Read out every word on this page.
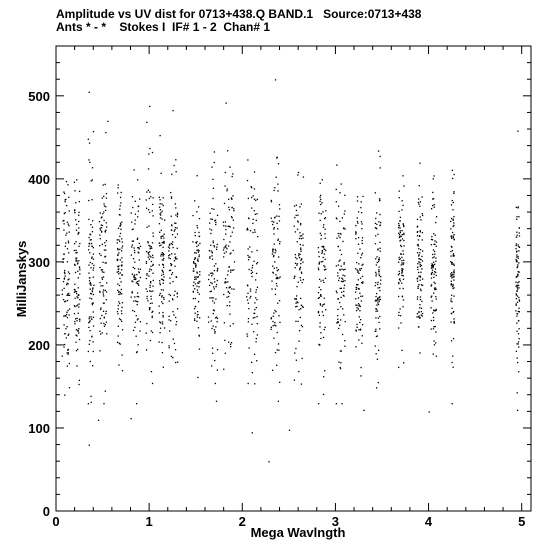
Amplitude vs UV dist for 0713+438.Q BAND.1   Source:0713+438
Ants * - *    Stokes I  IF# 1 - 2  Chan# 1
0	1	2	3	4	5
0
100
200
300
400
500
Mega Wavlngth
MilliJanskys
